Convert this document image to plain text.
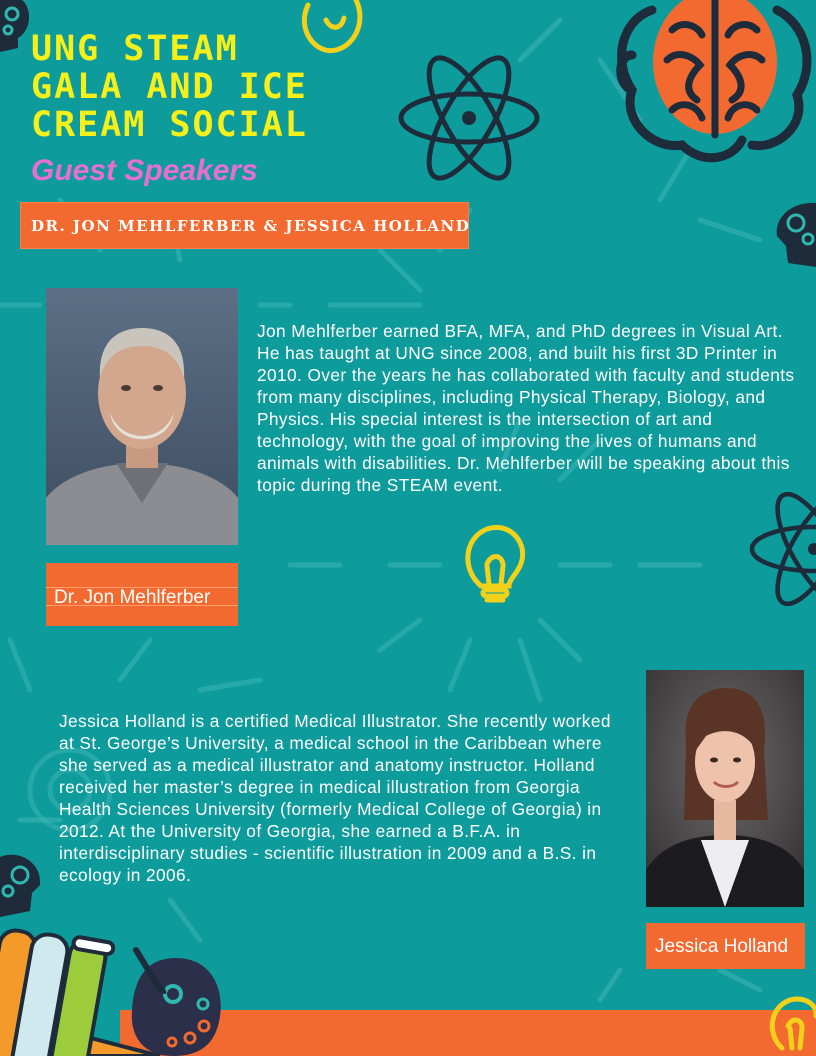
UNG STEAM GALA AND ICE CREAM SOCIAL
Guest Speakers
DR. JON MEHLFERBER & JESSICA HOLLAND

Jon Mehlferber earned BFA, MFA, and PhD degrees in Visual Art. He has taught at UNG since 2008, and built his first 3D Printer in 2010. Over the years he has collaborated with faculty and students from many disciplines, including Physical Therapy, Biology, and Physics. His special interest is the intersection of art and technology, with the goal of improving the lives of humans and animals with disabilities. Dr. Mehlferber will be speaking about this topic during the STEAM event.

Dr. Jon Mehlferber

Jessica Holland is a certified Medical Illustrator. She recently worked at St. George’s University, a medical school in the Caribbean where she served as a medical illustrator and anatomy instructor. Holland received her master’s degree in medical illustration from Georgia Health Sciences University (formerly Medical College of Georgia) in 2012. At the University of Georgia, she earned a B.F.A. in interdisciplinary studies - scientific illustration in 2009 and a B.S. in ecology in 2006.

Jessica Holland
